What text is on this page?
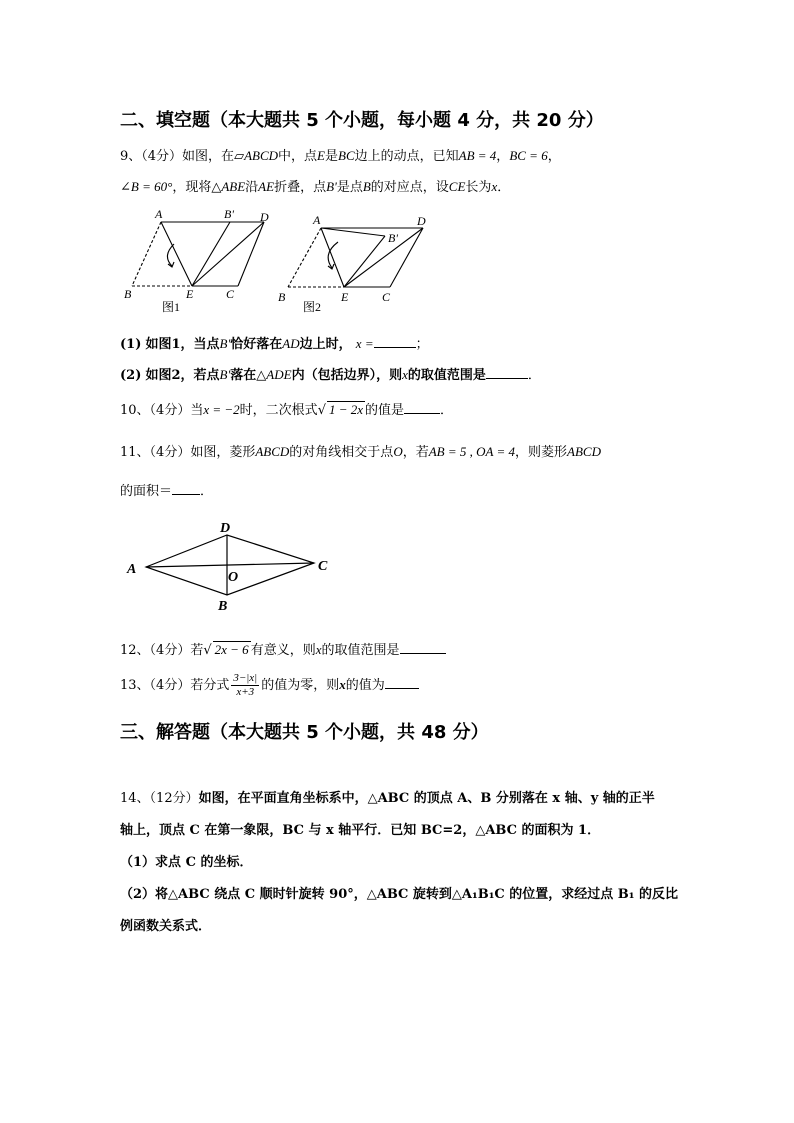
二、填空题（本大题共 5 个小题，每小题 4 分，共 20 分）
9、（4分）如图，在▱ABCD中，点E是BC边上的动点，已知AB = 4，BC = 6，
∠B = 60°，现将△ABE沿AE折叠，点B'是点B的对应点，设CE长为x．
A	B' D
B	E	C
图1
A	D
B'
B	E	C
图2
(1) 如图1，当点B'恰好落在AD边上时， x =	；
(2) 如图2，若点B'落在△ADE内（包括边界），则x的取值范围是	．
10、（4分）当x = −2时，二次根式√ 1 − 2x 的值是	．
11、（4分）如图，菱形ABCD的对角线相交于点O，若AB = 5 , OA = 4，则菱形ABCD
的面积＝ ．
A
D
C
B
O
12、（4分）若√ 2x − 6 有意义，则x的取值范围是
13、（4分）若分式 $\frac{3-|x|}{x+3}$ 的值为零，则x的值为
三、解答题（本大题共 5 个小题，共 48 分）
14、（12分）如图，在平面直角坐标系中，△ABC 的顶点 A、B 分别落在 x 轴、y 轴的正半
轴上，顶点 C 在第一象限，BC 与 x 轴平行．已知 BC=2，△ABC 的面积为 1．
（1）求点 C 的坐标．
（2）将△ABC 绕点 C 顺时针旋转 90°，△ABC 旋转到△A₁B₁C 的位置，求经过点 B₁ 的反比
例函数关系式．
